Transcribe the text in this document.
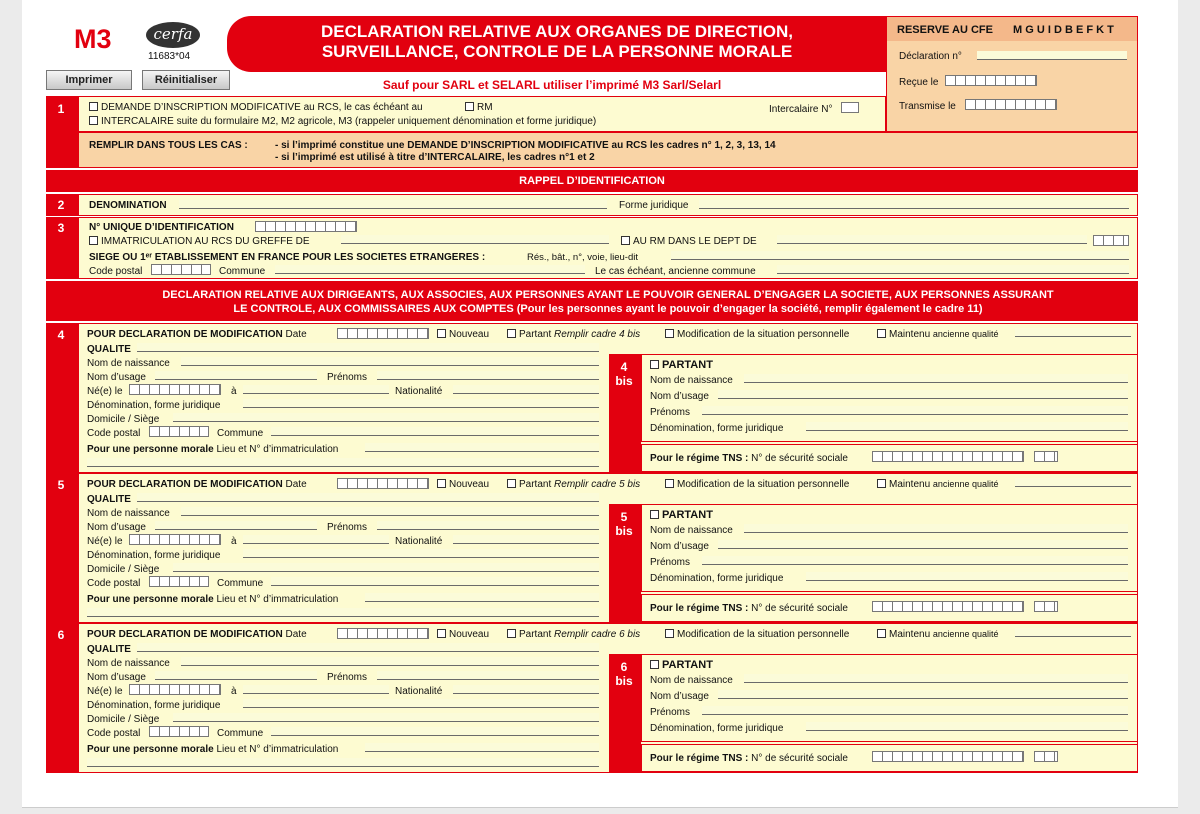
M3	cerfa
11683*04
Imprimer	Réinitialiser
DECLARATION RELATIVE AUX ORGANES DE DIRECTION,
SURVEILLANCE, CONTROLE DE LA PERSONNE MORALE
Sauf pour SARL et SELARL utiliser l’imprimé M3 Sarl/Selarl
RESERVE AU CFE M G U I D B E F K T
Déclaration n°
Reçue le
Transmise le
1	DEMANDE D’INSCRIPTION MODIFICATIVE au RCS, le cas échéant au	RM	Intercalaire N°
INTERCALAIRE suite du formulaire M2, M2 agricole, M3 (rappeler uniquement dénomination et forme juridique)
REMPLIR DANS TOUS LES CAS :	- si l’imprimé constitue une DEMANDE D’INSCRIPTION MODIFICATIVE au RCS les cadres n° 1, 2, 3, 13, 14
- si l’imprimé est utilisé à titre d’INTERCALAIRE, les cadres n°1 et 2
RAPPEL D’IDENTIFICATION
2	DENOMINATION	Forme juridique
3	N° UNIQUE D’IDENTIFICATION
IMMATRICULATION AU RCS DU GREFFE DE	AU RM DANS LE DEPT DE
SIEGE OU 1ᵉʳ ETABLISSEMENT EN FRANCE POUR LES SOCIETES ETRANGERES :	Rés., bât., n°, voie, lieu-dit
Code postal	Commune	Le cas échéant, ancienne commune
DECLARATION RELATIVE AUX DIRIGEANTS, AUX ASSOCIES, AUX PERSONNES AYANT LE POUVOIR GENERAL D’ENGAGER LA SOCIETE, AUX PERSONNES ASSURANT
LE CONTROLE, AUX COMMISSAIRES AUX COMPTES (Pour les personnes ayant le pouvoir d’engager la société, remplir également le cadre 11)
4	POUR DECLARATION DE MODIFICATION Date	Nouveau	Partant Remplir cadre 4 bis	Modification de la situation personnelle	Maintenu ancienne qualité
QUALITE
Nom de naissance
Nom d’usage	Prénoms
Né(e) le	à	Nationalité
Dénomination, forme juridique
Domicile / Siège
Code postal	Commune
Pour une personne morale Lieu et N° d’immatriculation
4
bis
PARTANT
Nom de naissance
Nom d’usage
Prénoms
Dénomination, forme juridique
Pour le régime TNS : N° de sécurité sociale
5	POUR DECLARATION DE MODIFICATION Date	Nouveau	Partant Remplir cadre 5 bis	Modification de la situation personnelle	Maintenu ancienne qualité
QUALITE
Nom de naissance
Nom d’usage	Prénoms
Né(e) le	à	Nationalité
Dénomination, forme juridique
Domicile / Siège
Code postal	Commune
Pour une personne morale Lieu et N° d’immatriculation
5
bis
PARTANT
Nom de naissance
Nom d’usage
Prénoms
Dénomination, forme juridique
Pour le régime TNS : N° de sécurité sociale
6	POUR DECLARATION DE MODIFICATION Date	Nouveau	Partant Remplir cadre 6 bis	Modification de la situation personnelle	Maintenu ancienne qualité
QUALITE
Nom de naissance
Nom d’usage	Prénoms
Né(e) le	à	Nationalité
Dénomination, forme juridique
Domicile / Siège
Code postal	Commune
Pour une personne morale Lieu et N° d’immatriculation
6
bis
PARTANT
Nom de naissance
Nom d’usage
Prénoms
Dénomination, forme juridique
Pour le régime TNS : N° de sécurité sociale
